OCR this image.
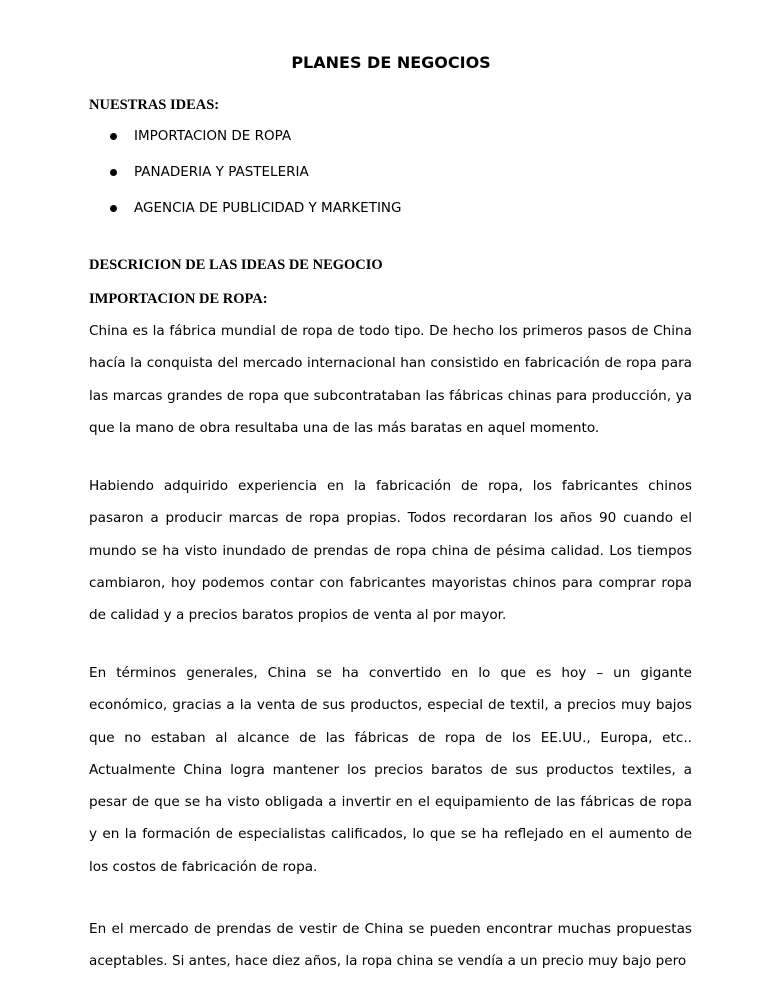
PLANES DE NEGOCIOS
NUESTRAS IDEAS:
IMPORTACION DE ROPA
PANADERIA Y PASTELERIA
AGENCIA DE PUBLICIDAD Y MARKETING
DESCRICION DE LAS IDEAS DE NEGOCIO
IMPORTACION DE ROPA:

China es la fábrica mundial de ropa de todo tipo. De hecho los primeros pasos de China hacía la conquista del mercado internacional han consistido en fabricación de ropa para las marcas grandes de ropa que subcontrataban las fábricas chinas para producción, ya que la mano de obra resultaba una de las más baratas en aquel momento.

Habiendo adquirido experiencia en la fabricación de ropa, los fabricantes chinos pasaron a producir marcas de ropa propias. Todos recordaran los años 90 cuando el mundo se ha visto inundado de prendas de ropa china de pésima calidad. Los tiempos cambiaron, hoy podemos contar con fabricantes mayoristas chinos para comprar ropa de calidad y a precios baratos propios de venta al por mayor.

En términos generales, China se ha convertido en lo que es hoy – un gigante económico, gracias a la venta de sus productos, especial de textil, a precios muy bajos que no estaban al alcance de las fábricas de ropa de los EE.UU., Europa, etc.. Actualmente China logra mantener los precios baratos de sus productos textiles, a pesar de que se ha visto obligada a invertir en el equipamiento de las fábricas de ropa y en la formación de especialistas calificados, lo que se ha reflejado en el aumento de los costos de fabricación de ropa.

En el mercado de prendas de vestir de China se pueden encontrar muchas propuestas aceptables. Si antes, hace diez años, la ropa china se vendía a un precio muy bajo pero
